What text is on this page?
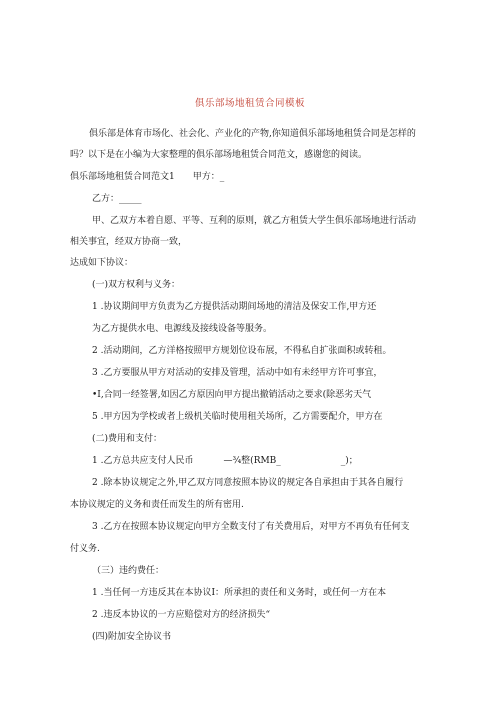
俱乐部场地租赁合同模板
俱乐部是体育市场化、社会化、产业化的产物,你知道俱乐部场地租赁合同是怎样的
吗？以下是在小编为大家整理的俱乐部场地租赁合同范文，感谢您的阅读。
俱乐部场地租赁合同范文1 甲方：_
乙方：_____
甲、乙双方本着自愿、平等、互利的原则，就乙方租赁大学生俱乐部场地进行活动
相关事宜，经双方协商一致，
达成如下协议：
(一)双方权利与义务：
1 .协议期间甲方负责为乙方提供活动期间场地的清洁及保安工作,甲方还
为乙方提供水电、电源线及接线设备等服务。
2 .活动期间，乙方洋格按照甲方规划位设布展，不得私自扩张面积或转租。
3 .乙方要服从甲方对活动的安排及管理，活动中如有未经甲方许可事宜，
•I,合同一经签署,如因乙方原因向甲方提出撤销活动之要求(除恶劣天气
5 .甲方因为学校或者上级机关临时使用租关场所，乙方需要配介，甲方在
(二)费用和支付：
1 .乙方总共应支付人民币	—¾整(RMB_	_)；
2 .除本协议规定之外,甲乙双方同意按照本协议的规定各自承担由于其各自履行
本协议规定的义务和责任而发生的所有密用.
3 .乙方在按照本协议规定向甲方全数支付了有关费用后，对甲方不再负有任何支
付义务.
（三）违约费任：
1 .当任何一方违反其在本协议I：所承担的责任和义务时，或任何一方在本
2 .违反本协议的一方应赔偿对方的经济损失“
(四)附加安全协议书
